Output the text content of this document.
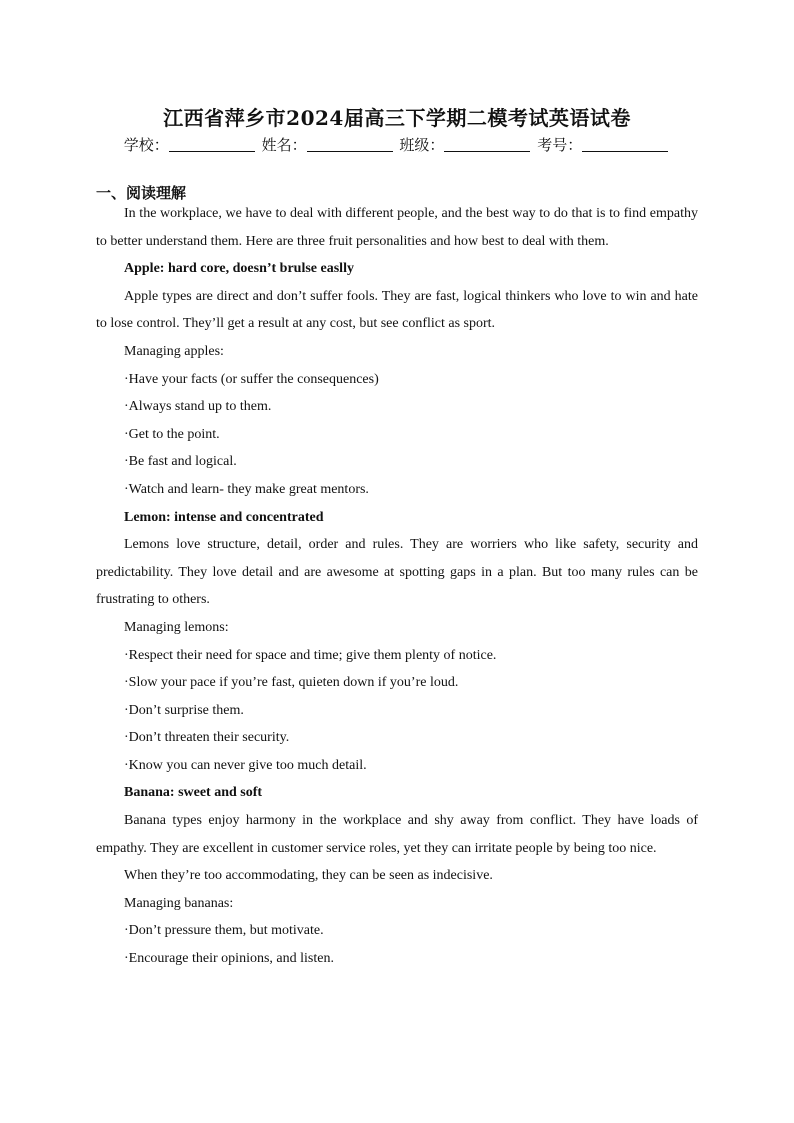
江西省萍乡市2024届高三下学期二模考试英语试卷
学校：	姓名：	班级：	考号：
一、阅读理解

In the workplace, we have to deal with different people, and the best way to do that is to find empathy to better understand them. Here are three fruit personalities and how best to deal with them.

Apple: hard core, doesn’t brulse easlly

Apple types are direct and don’t suffer fools. They are fast, logical thinkers who love to win and hate to lose control. They’ll get a result at any cost, but see conflict as sport.

Managing apples:

·Have your facts (or suffer the consequences)

·Always stand up to them.

·Get to the point.

·Be fast and logical.

·Watch and learn- they make great mentors.

Lemon: intense and concentrated

Lemons love structure, detail, order and rules. They are worriers who like safety, security and predictability. They love detail and are awesome at spotting gaps in a plan. But too many rules can be frustrating to others.

Managing lemons:

·Respect their need for space and time; give them plenty of notice.

·Slow your pace if you’re fast, quieten down if you’re loud.

·Don’t surprise them.

·Don’t threaten their security.

·Know you can never give too much detail.

Banana: sweet and soft

Banana types enjoy harmony in the workplace and shy away from conflict. They have loads of empathy. They are excellent in customer service roles, yet they can irritate people by being too nice.

When they’re too accommodating, they can be seen as indecisive.

Managing bananas:

·Don’t pressure them, but motivate.

·Encourage their opinions, and listen.
